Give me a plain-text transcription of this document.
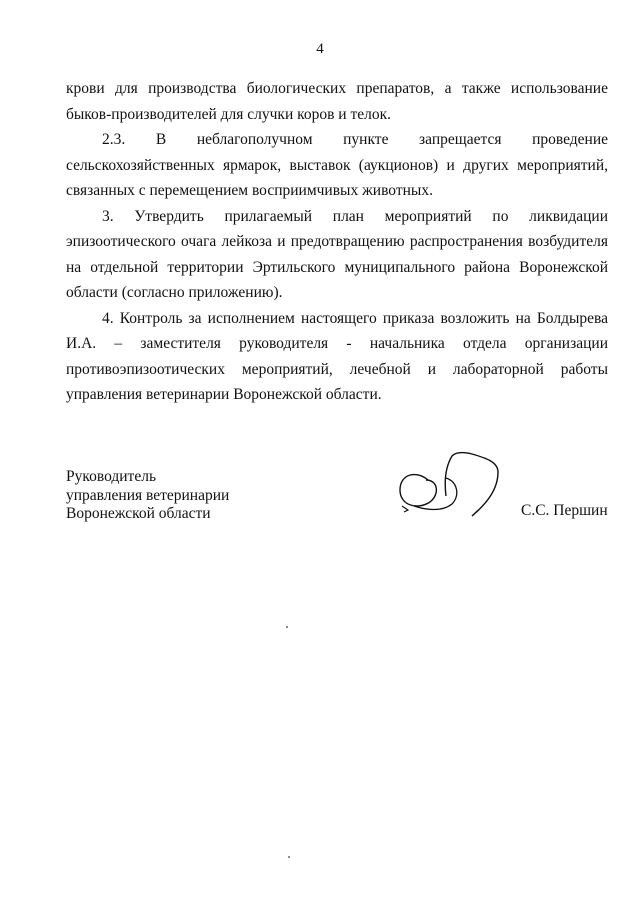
4

крови для производства биологических препаратов, а также использование быков-производителей для случки коров и телок.

2.3. В неблагополучном пункте запрещается проведение сельскохозяйственных ярмарок, выставок (аукционов) и других мероприятий, связанных с перемещением восприимчивых животных.

3. Утвердить прилагаемый план мероприятий по ликвидации эпизоотического очага лейкоза и предотвращению распространения возбудителя на отдельной территории Эртильского муниципального района Воронежской области (согласно приложению).

4. Контроль за исполнением настоящего приказа возложить на Болдырева И.А. – заместителя руководителя - начальника отдела организации противоэпизоотических мероприятий, лечебной и лабораторной работы управления ветеринарии Воронежской области.

Руководитель
управления ветеринарии
Воронежской области	С.С. Першин
